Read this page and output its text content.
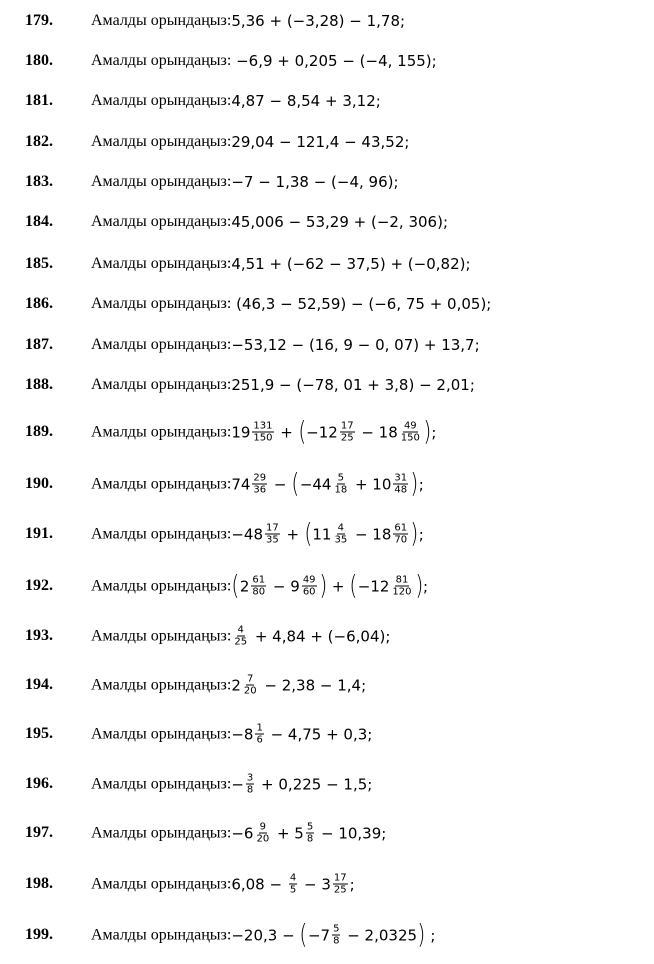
179. Амалды орындаңыз: 5,36 + (−3,28) − 1,78;
180. Амалды орындаңыз: −6,9 + 0,205 − (−4, 155);
181. Амалды орындаңыз: 4,87 − 8,54 + 3,12;
182. Амалды орындаңыз: 29,04 − 121,4 − 43,52;
183. Амалды орындаңыз: −7 − 1,38 − (−4, 96);
184. Амалды орындаңыз: 45,006 − 53,29 + (−2, 306);
185. Амалды орындаңыз: 4,51 + (−62 − 37,5) + (−0,82);
186. Амалды орындаңыз: (46,3 − 52,59) − (−6, 75 + 0,05);
187. Амалды орындаңыз: −53,12 − (16, 9 − 0, 07) + 13,7;
188. Амалды орындаңыз: 251,9 − (−78, 01 + 3,8) − 2,01;
189. Амалды орындаңыз: $19 \frac{131}{150}$ + ( $-12 \frac{17}{25} - 18 \frac{49}{150}$ ) ;
190. Амалды орындаңыз: $74 \frac{29}{36}$ − ( $-44 \frac{5}{18} + 10 \frac{31}{48}$ ) ;
191. Амалды орындаңыз: $-48 \frac{17}{35}$ + ( $11 \frac{4}{35} - 18 \frac{61}{70}$ ) ;
192. Амалды орындаңыз: ( $2 \frac{61}{80} - 9 \frac{49}{60}$ ) + ( $-12 \frac{81}{120}$ ) ;
193. Амалды орындаңыз: $\frac{4}{25} + 4,84 + (-6,04)$;
194. Амалды орындаңыз: $2 \frac{7}{20} - 2,38 - 1,4$;
195. Амалды орындаңыз: $-8 \frac{1}{6} - 4,75 + 0,3$;
196. Амалды орындаңыз: − $\frac{3}{8} + 0,225 - 1,5$;
197. Амалды орындаңыз: $-6 \frac{9}{20} + 5 \frac{5}{8} - 10,39$;
198. Амалды орындаңыз: $6,08 - \frac{4}{5} - 3 \frac{17}{25}$ ;
199. Амалды орындаңыз: −20,3 − ( $-7 \frac{5}{8} - 2,0325$ ) ;
